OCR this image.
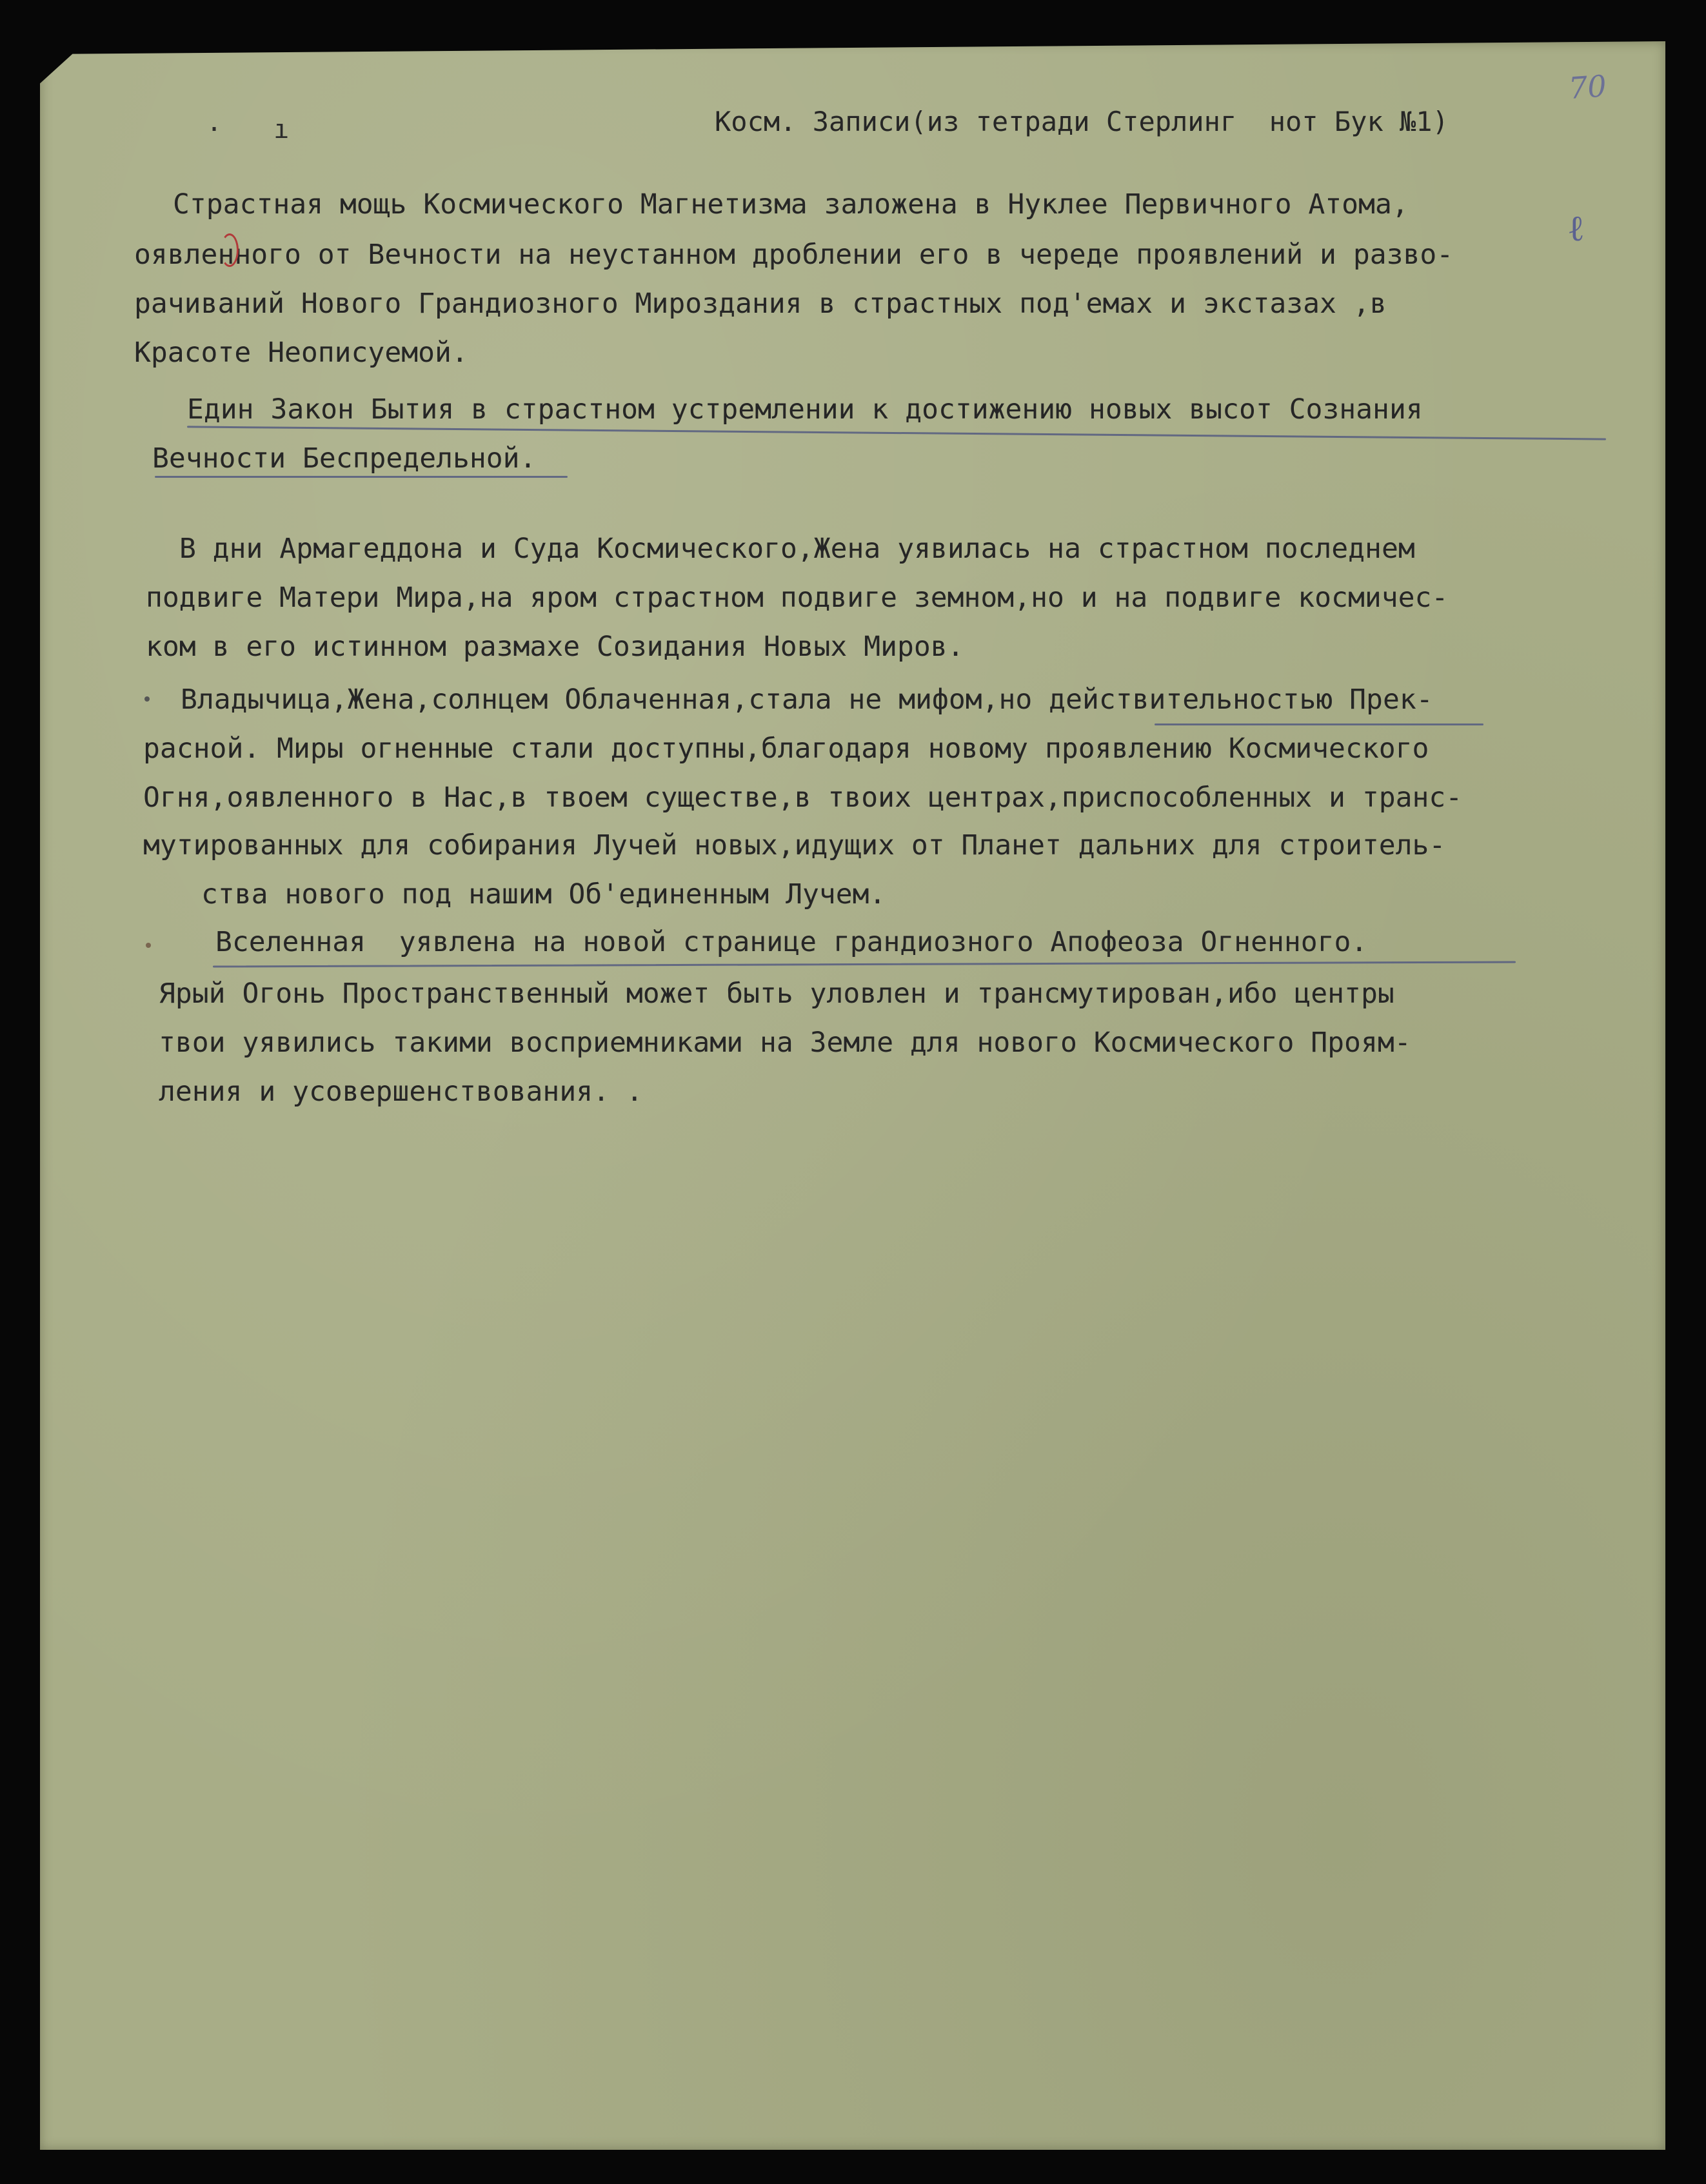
70
· ı	Косм. Записи(из тетради Стерлинг  нот Бук №1)
Страстная мощь Космического Магнетизма заложена в Нуклее Первичного Атома,
оявленного от Вечности на неустанном дроблении его в череде проявлений и разво-
рачиваний Нового Грандиозного Мироздания в страстных под'емах и экстазах ,в
Красоте Неописуемой.
Един Закон Бытия в страстном устремлении к достижению новых высот Сознания
Вечности Беспредельной.
В дни Армагеддона и Суда Космического,Жена уявилась на страстном последнем
подвиге Матери Мира,на яром страстном подвиге земном,но и на подвиге космичес-
ком в его истинном размахе Созидания Новых Миров.
Владычица,Жена,солнцем Облаченная,стала не мифом,но действительностью Прек-
расной. Миры огненные стали доступны,благодаря новому проявлению Космического
Огня,оявленного в Нас,в твоем существе,в твоих центрах,приспособленных и транс-
мутированных для собирания Лучей новых,идущих от Планет дальних для строитель-
ства нового под нашим Об'единенным Лучем.
Вселенная  уявлена на новой странице грандиозного Апофеоза Огненного.
Ярый Огонь Пространственный может быть уловлен и трансмутирован,ибо центры
твои уявились такими восприемниками на Земле для нового Космического Проям-
ления и усовершенствования. .
ℓ
